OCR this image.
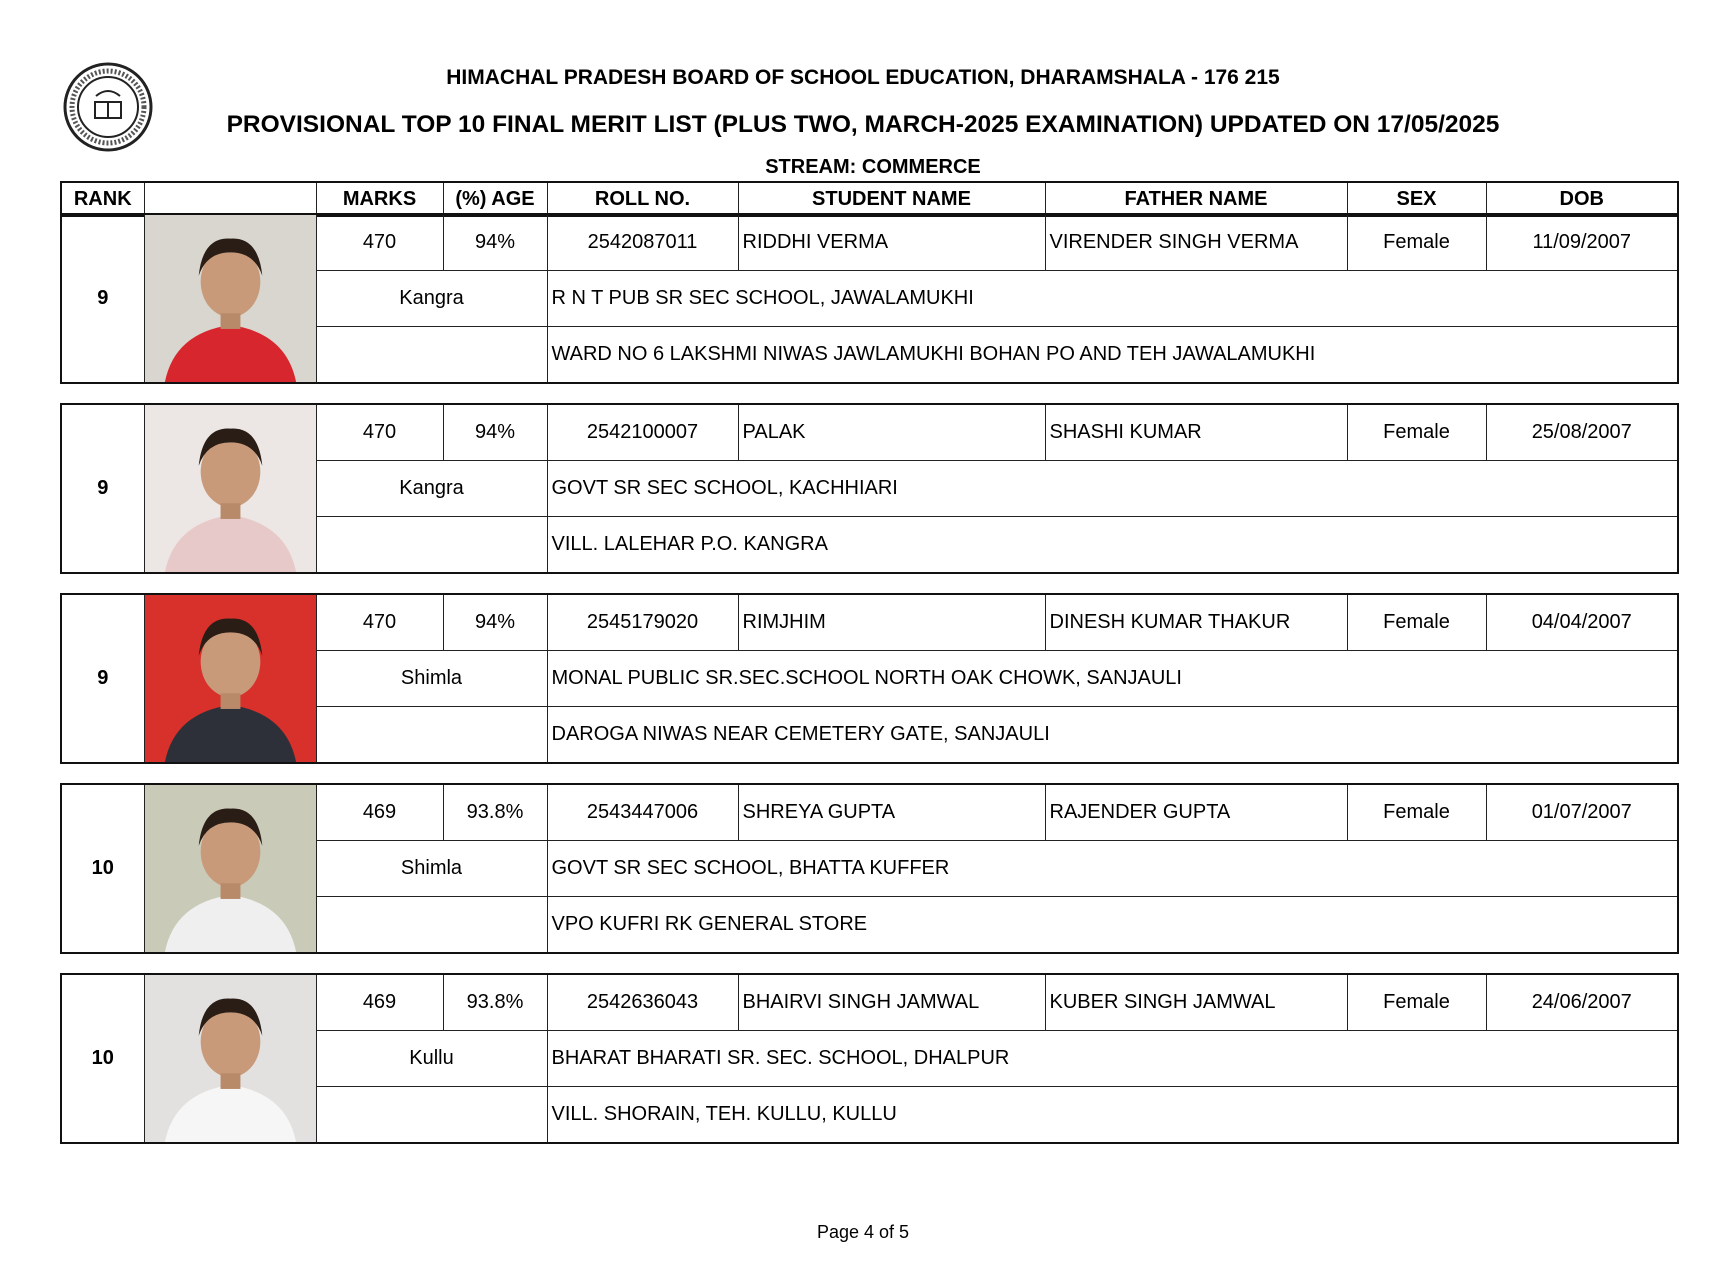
HIMACHAL PRADESH BOARD OF SCHOOL EDUCATION, DHARAMSHALA - 176 215
PROVISIONAL TOP 10 FINAL MERIT LIST (PLUS TWO, MARCH-2025 EXAMINATION) UPDATED ON 17/05/2025
STREAM: COMMERCE
RANK		MARKS	(%) AGE	ROLL NO.	STUDENT NAME	FATHER NAME	SEX	DOB
9		470	94%	2542087011	RIDDHI VERMA	VIRENDER SINGH VERMA	Female	11/09/2007
		Kangra		R N T PUB SR SEC SCHOOL, JAWALAMUKHI				
				WARD NO 6 LAKSHMI NIWAS JAWLAMUKHI BOHAN PO AND TEH JAWALAMUKHI				
9		470	94%	2542100007	PALAK	SHASHI KUMAR	Female	25/08/2007
		Kangra		GOVT SR SEC SCHOOL, KACHHIARI				
				VILL. LALEHAR P.O. KANGRA				
9		470	94%	2545179020	RIMJHIM	DINESH KUMAR THAKUR	Female	04/04/2007
		Shimla		MONAL PUBLIC SR.SEC.SCHOOL NORTH OAK CHOWK, SANJAULI				
				DAROGA NIWAS NEAR CEMETERY GATE, SANJAULI				
10		469	93.8%	2543447006	SHREYA GUPTA	RAJENDER GUPTA	Female	01/07/2007
		Shimla		GOVT SR SEC SCHOOL, BHATTA KUFFER				
				VPO KUFRI RK GENERAL STORE				
10		469	93.8%	2542636043	BHAIRVI SINGH JAMWAL	KUBER SINGH JAMWAL	Female	24/06/2007
		Kullu		BHARAT BHARATI SR. SEC. SCHOOL, DHALPUR				
				VILL. SHORAIN, TEH. KULLU, KULLU				
Page 4 of 5
